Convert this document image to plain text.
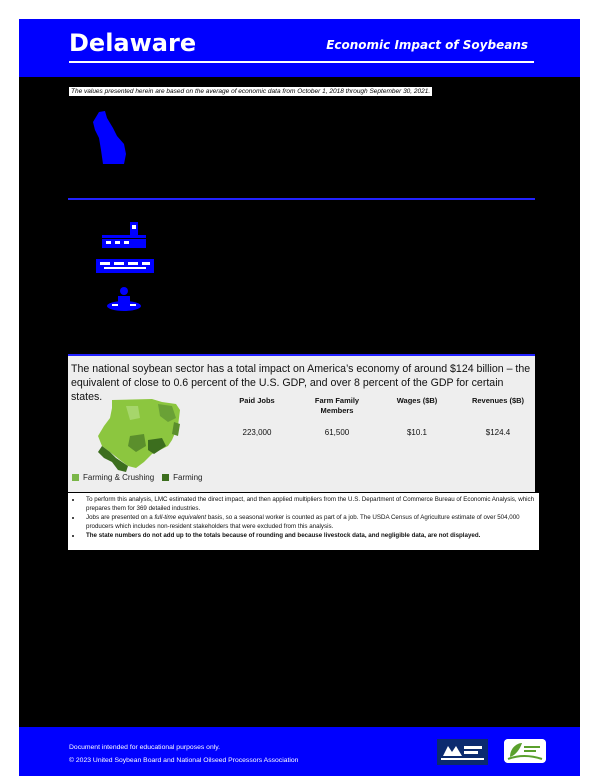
Delaware	Economic Impact of Soybeans
The values presented herein are based on the average of economic data from October 1, 2018 through September 30, 2021.
The national soybean sector has a total impact on America’s economy of around $124 billion – the equivalent of close to 0.6 percent of the U.S. GDP, and over 8 percent of the GDP for certain states.
Farming & Crushing Farming
Paid Jobs
223,000
Farm Family Members
61,500
Wages ($B)
$10.1
Revenues ($B)
$124.4
• To perform this analysis, LMC estimated the direct impact, and then applied multipliers from the U.S. Department of Commerce Bureau of Economic Analysis, which prepares them for 369 detailed industries.
• Jobs are presented on a full-time equivalent basis, so a seasonal worker is counted as part of a job. The USDA Census of Agriculture estimate of over 504,000 producers which includes non-resident stakeholders that were excluded from this analysis.
• The state numbers do not add up to the totals because of rounding and because livestock data, and negligible data, are not displayed.
Document intended for educational purposes only.
© 2023 United Soybean Board and National Oilseed Processors Association
